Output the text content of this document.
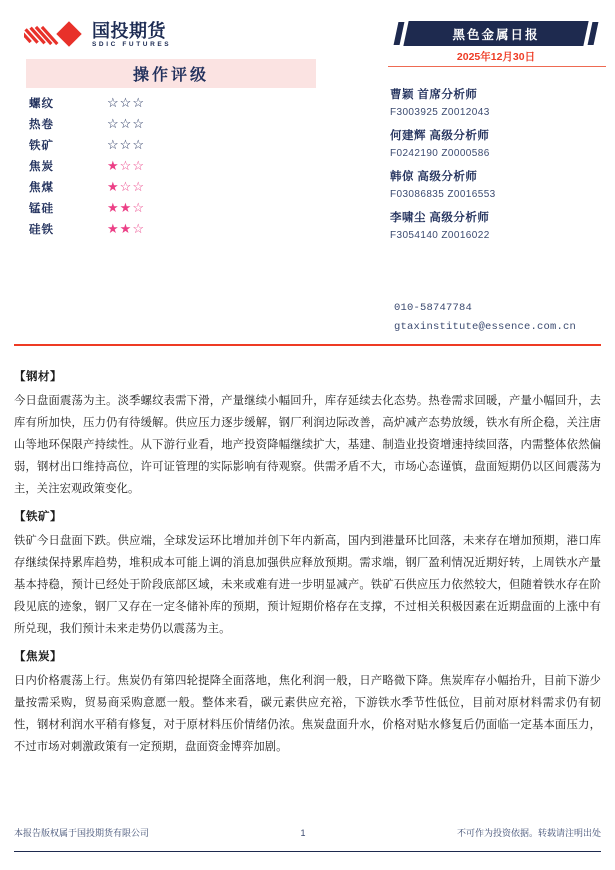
国投期货
SDIC FUTURES
操作评级
螺纹	☆☆☆
热卷	☆☆☆
铁矿	☆☆☆
焦炭	★☆☆
焦煤	★☆☆
锰硅	★★☆
硅铁	★★☆
黑色金属日报
2025年12月30日
曹颖 首席分析师
F3003925 Z0012043
何建辉 高级分析师
F0242190 Z0000586
韩倞 高级分析师
F03086835 Z0016553
李啸尘 高级分析师
F3054140 Z0016022
010-58747784
gtaxinstitute@essence.com.cn
【钢材】
今日盘面震荡为主。淡季螺纹表需下滑，产量继续小幅回升，库存延续去化态势。热卷需求回暖，产量小幅回升，去库有所加快，压力仍有待缓解。供应压力逐步缓解，钢厂利润边际改善，高炉减产态势放缓，铁水有所企稳，关注唐山等地环保限产持续性。从下游行业看，地产投资降幅继续扩大，基建、制造业投资增速持续回落，内需整体依然偏弱，钢材出口维持高位，许可证管理的实际影响有待观察。供需矛盾不大，市场心态谨慎，盘面短期仍以区间震荡为主，关注宏观政策变化。
【铁矿】
铁矿今日盘面下跌。供应端，全球发运环比增加并创下年内新高，国内到港量环比回落，未来存在增加预期，港口库存继续保持累库趋势，堆积成本可能上调的消息加强供应释放预期。需求端，钢厂盈利情况近期好转，上周铁水产量基本持稳，预计已经处于阶段底部区域，未来或难有进一步明显减产。铁矿石供应压力依然较大，但随着铁水存在阶段见底的迹象，钢厂又存在一定冬储补库的预期，预计短期价格存在支撑，不过相关积极因素在近期盘面的上涨中有所兑现，我们预计未来走势仍以震荡为主。
【焦炭】
日内价格震荡上行。焦炭仍有第四轮提降全面落地，焦化利润一般，日产略微下降。焦炭库存小幅抬升，目前下游少量按需采购，贸易商采购意愿一般。整体来看，碳元素供应充裕，下游铁水季节性低位，目前对原材料需求仍有韧性，钢材利润水平稍有修复，对于原材料压价情绪仍浓。焦炭盘面升水，价格对贴水修复后仍面临一定基本面压力，不过市场对刺激政策有一定预期，盘面资金博弈加剧。
本报告版权属于国投期货有限公司	1	不可作为投资依据。转载请注明出处
